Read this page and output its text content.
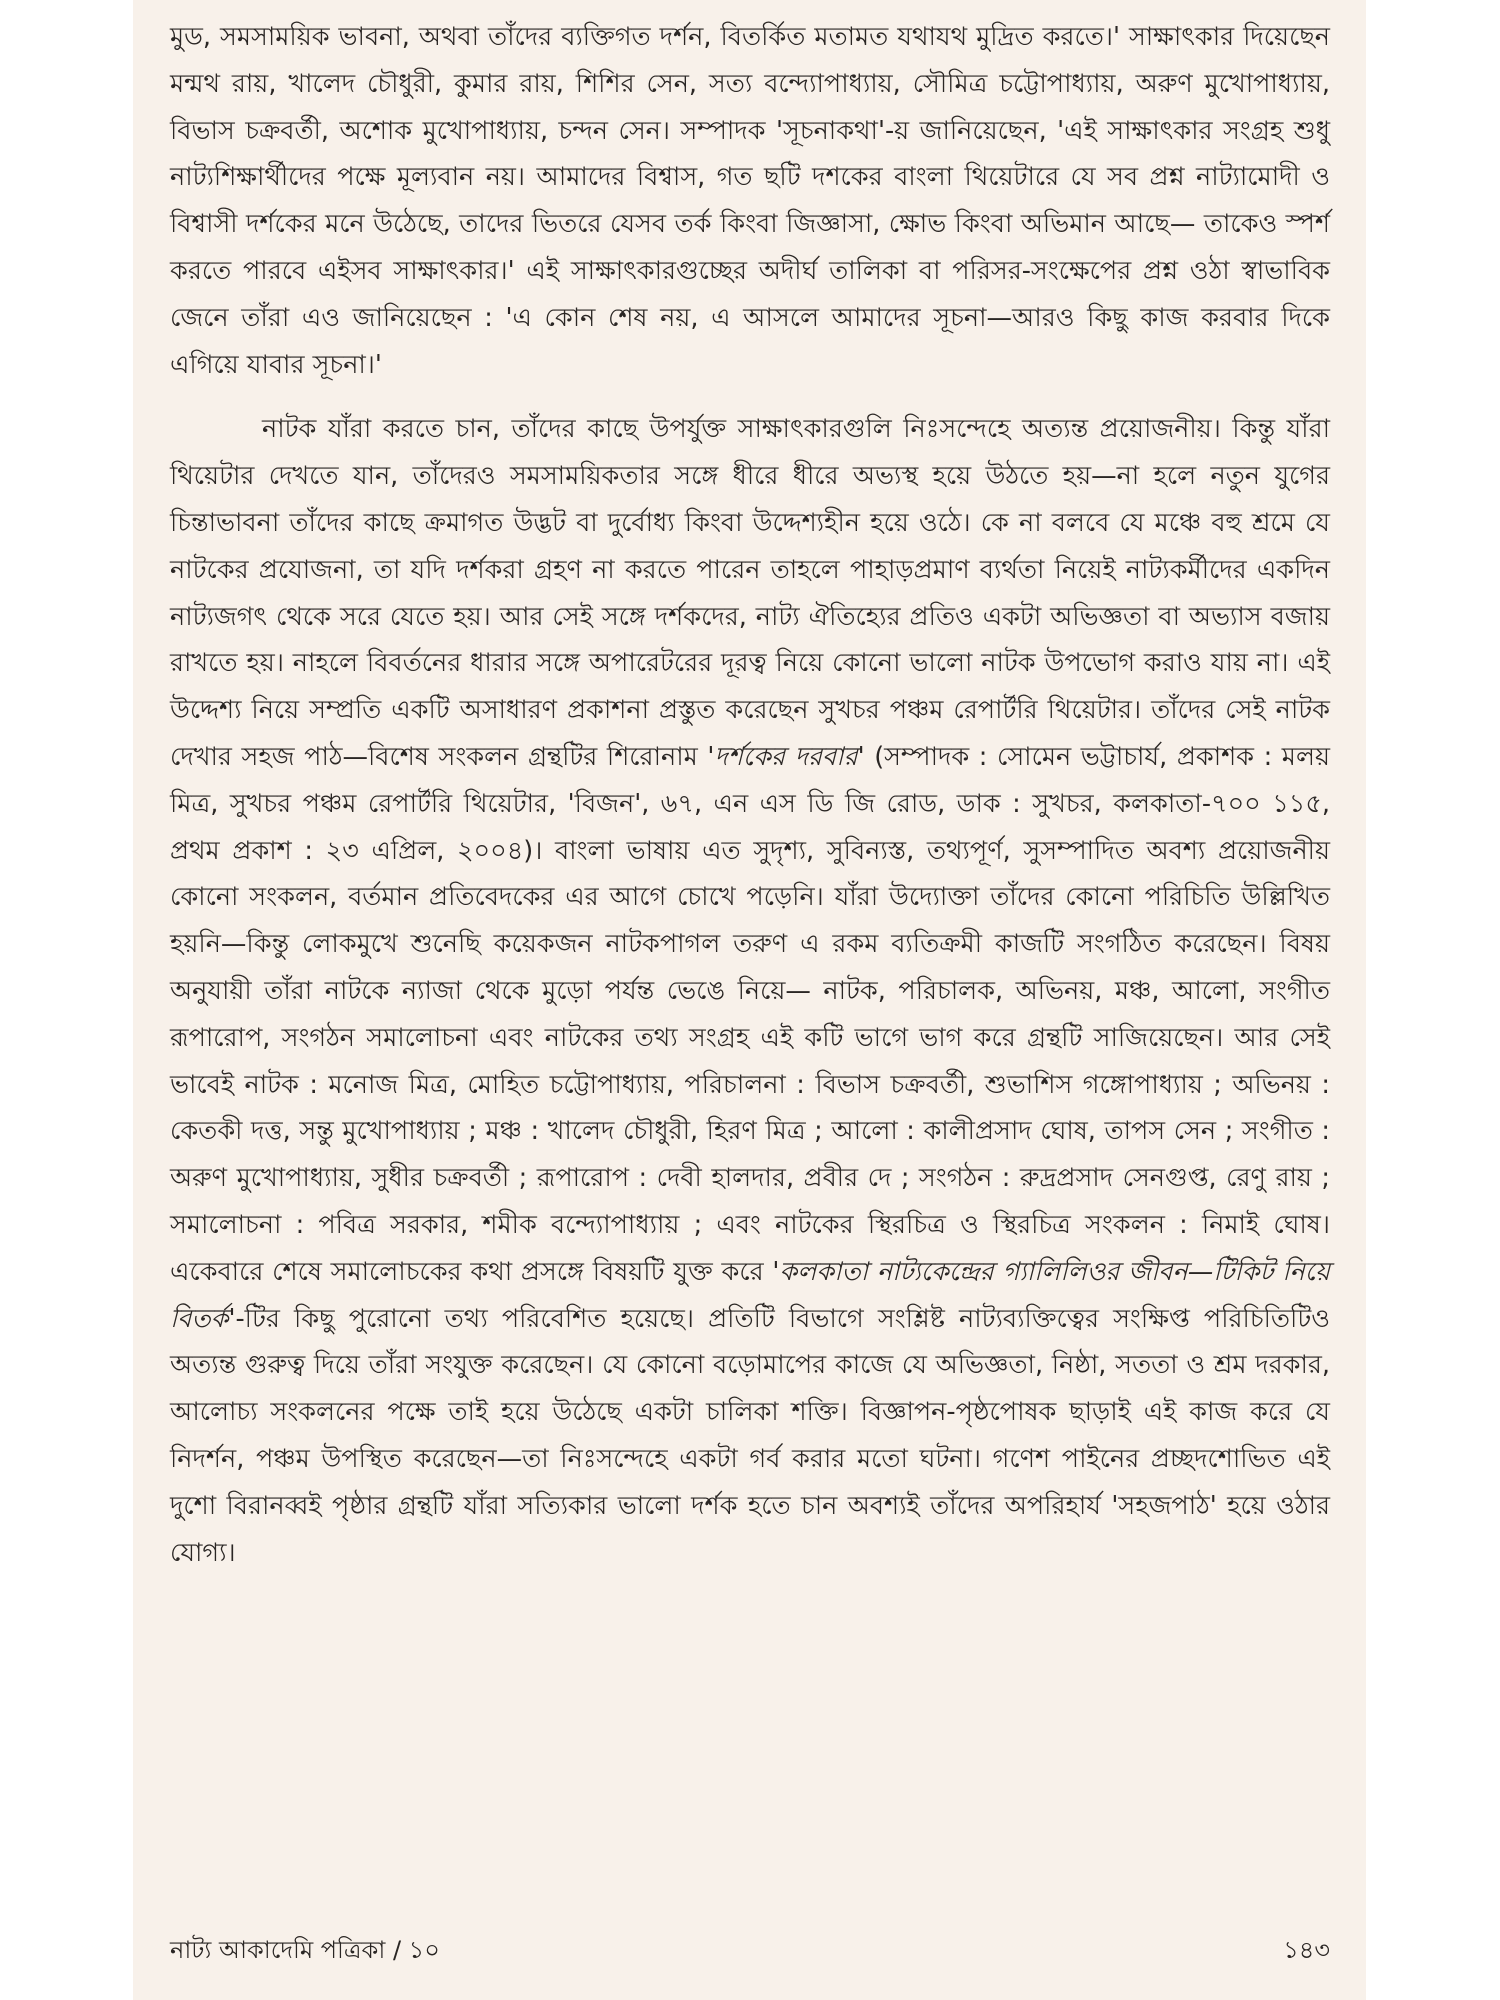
মুড, সমসাময়িক ভাবনা, অথবা তাঁদের ব্যক্তিগত দর্শন, বিতর্কিত মতামত যথাযথ মুদ্রিত করতে।' সাক্ষাৎকার দিয়েছেন মন্মথ রায়, খালেদ চৌধুরী, কুমার রায়, শিশির সেন, সত্য বন্দ্যোপাধ্যায়, সৌমিত্র চট্টোপাধ্যায়, অরুণ মুখোপাধ্যায়, বিভাস চক্রবর্তী, অশোক মুখোপাধ্যায়, চন্দন সেন। সম্পাদক 'সূচনাকথা'-য় জানিয়েছেন, 'এই সাক্ষাৎকার সংগ্রহ শুধু নাট্যশিক্ষার্থীদের পক্ষে মূল্যবান নয়। আমাদের বিশ্বাস, গত ছটি দশকের বাংলা থিয়েটারে যে সব প্রশ্ন নাট্যামোদী ও বিশ্বাসী দর্শকের মনে উঠেছে, তাদের ভিতরে যেসব তর্ক কিংবা জিজ্ঞাসা, ক্ষোভ কিংবা অভিমান আছে— তাকেও স্পর্শ করতে পারবে এইসব সাক্ষাৎকার।' এই সাক্ষাৎকারগুচ্ছের অদীর্ঘ তালিকা বা পরিসর-সংক্ষেপের প্রশ্ন ওঠা স্বাভাবিক জেনে তাঁরা এও জানিয়েছেন : 'এ কোন শেষ নয়, এ আসলে আমাদের সূচনা—আরও কিছু কাজ করবার দিকে এগিয়ে যাবার সূচনা।'

নাটক যাঁরা করতে চান, তাঁদের কাছে উপর্যুক্ত সাক্ষাৎকারগুলি নিঃসন্দেহে অত্যন্ত প্রয়োজনীয়। কিন্তু যাঁরা থিয়েটার দেখতে যান, তাঁদেরও সমসাময়িকতার সঙ্গে ধীরে ধীরে অভ্যস্থ হয়ে উঠতে হয়—না হলে নতুন যুগের চিন্তাভাবনা তাঁদের কাছে ক্রমাগত উদ্ভট বা দুর্বোধ্য কিংবা উদ্দেশ্যহীন হয়ে ওঠে। কে না বলবে যে মঞ্চে বহু শ্রমে যে নাটকের প্রযোজনা, তা যদি দর্শকরা গ্রহণ না করতে পারেন তাহলে পাহাড়প্রমাণ ব্যর্থতা নিয়েই নাট্যকর্মীদের একদিন নাট্যজগৎ থেকে সরে যেতে হয়। আর সেই সঙ্গে দর্শকদের, নাট্য ঐতিহ্যের প্রতিও একটা অভিজ্ঞতা বা অভ্যাস বজায় রাখতে হয়। নাহলে বিবর্তনের ধারার সঙ্গে অপারেটরের দূরত্ব নিয়ে কোনো ভালো নাটক উপভোগ করাও যায় না। এই উদ্দেশ্য নিয়ে সম্প্রতি একটি অসাধারণ প্রকাশনা প্রস্তুত করেছেন সুখচর পঞ্চম রেপার্টরি থিয়েটার। তাঁদের সেই নাটক দেখার সহজ পাঠ—বিশেষ সংকলন গ্রন্থটির শিরোনাম 'দর্শকের দরবার' (সম্পাদক : সোমেন ভট্টাচার্য, প্রকাশক : মলয় মিত্র, সুখচর পঞ্চম রেপার্টরি থিয়েটার, 'বিজন', ৬৭, এন এস ডি জি রোড, ডাক : সুখচর, কলকাতা-৭০০ ১১৫, প্রথম প্রকাশ : ২৩ এপ্রিল, ২০০৪)। বাংলা ভাষায় এত সুদৃশ্য, সুবিন্যস্ত, তথ্যপূর্ণ, সুসম্পাদিত অবশ্য প্রয়োজনীয় কোনো সংকলন, বর্তমান প্রতিবেদকের এর আগে চোখে পড়েনি। যাঁরা উদ্যোক্তা তাঁদের কোনো পরিচিতি উল্লিখিত হয়নি—কিন্তু লোকমুখে শুনেছি কয়েকজন নাটকপাগল তরুণ এ রকম ব্যতিক্রমী কাজটি সংগঠিত করেছেন। বিষয় অনুযায়ী তাঁরা নাটকে ন্যাজা থেকে মুড়ো পর্যন্ত ভেঙে নিয়ে— নাটক, পরিচালক, অভিনয়, মঞ্চ, আলো, সংগীত রূপারোপ, সংগঠন সমালোচনা এবং নাটকের তথ্য সংগ্রহ এই কটি ভাগে ভাগ করে গ্রন্থটি সাজিয়েছেন। আর সেই ভাবেই নাটক : মনোজ মিত্র, মোহিত চট্টোপাধ্যায়, পরিচালনা : বিভাস চক্রবর্তী, শুভাশিস গঙ্গোপাধ্যায় ; অভিনয় : কেতকী দত্ত, সন্তু মুখোপাধ্যায় ; মঞ্চ : খালেদ চৌধুরী, হিরণ মিত্র ; আলো : কালীপ্রসাদ ঘোষ, তাপস সেন ; সংগীত : অরুণ মুখোপাধ্যায়, সুধীর চক্রবর্তী ; রূপারোপ : দেবী হালদার, প্রবীর দে ; সংগঠন : রুদ্রপ্রসাদ সেনগুপ্ত, রেণু রায় ; সমালোচনা : পবিত্র সরকার, শমীক বন্দ্যোপাধ্যায় ; এবং নাটকের স্থিরচিত্র ও স্থিরচিত্র সংকলন : নিমাই ঘোষ। একেবারে শেষে সমালোচকের কথা প্রসঙ্গে বিষয়টি যুক্ত করে 'কলকাতা নাট্যকেন্দ্রের গ্যালিলিওর জীবন—টিকিট নিয়ে বিতর্ক'-টির কিছু পুরোনো তথ্য পরিবেশিত হয়েছে। প্রতিটি বিভাগে সংশ্লিষ্ট নাট্যব্যক্তিত্বের সংক্ষিপ্ত পরিচিতিটিও অত্যন্ত গুরুত্ব দিয়ে তাঁরা সংযুক্ত করেছেন। যে কোনো বড়োমাপের কাজে যে অভিজ্ঞতা, নিষ্ঠা, সততা ও শ্রম দরকার, আলোচ্য সংকলনের পক্ষে তাই হয়ে উঠেছে একটা চালিকা শক্তি। বিজ্ঞাপন-পৃষ্ঠপোষক ছাড়াই এই কাজ করে যে নিদর্শন, পঞ্চম উপস্থিত করেছেন—তা নিঃসন্দেহে একটা গর্ব করার মতো ঘটনা। গণেশ পাইনের প্রচ্ছদশোভিত এই দুশো বিরানব্বই পৃষ্ঠার গ্রন্থটি যাঁরা সত্যিকার ভালো দর্শক হতে চান অবশ্যই তাঁদের অপরিহার্য 'সহজপাঠ' হয়ে ওঠার যোগ্য।

নাট্য আকাদেমি পত্রিকা / ১০	১৪৩
